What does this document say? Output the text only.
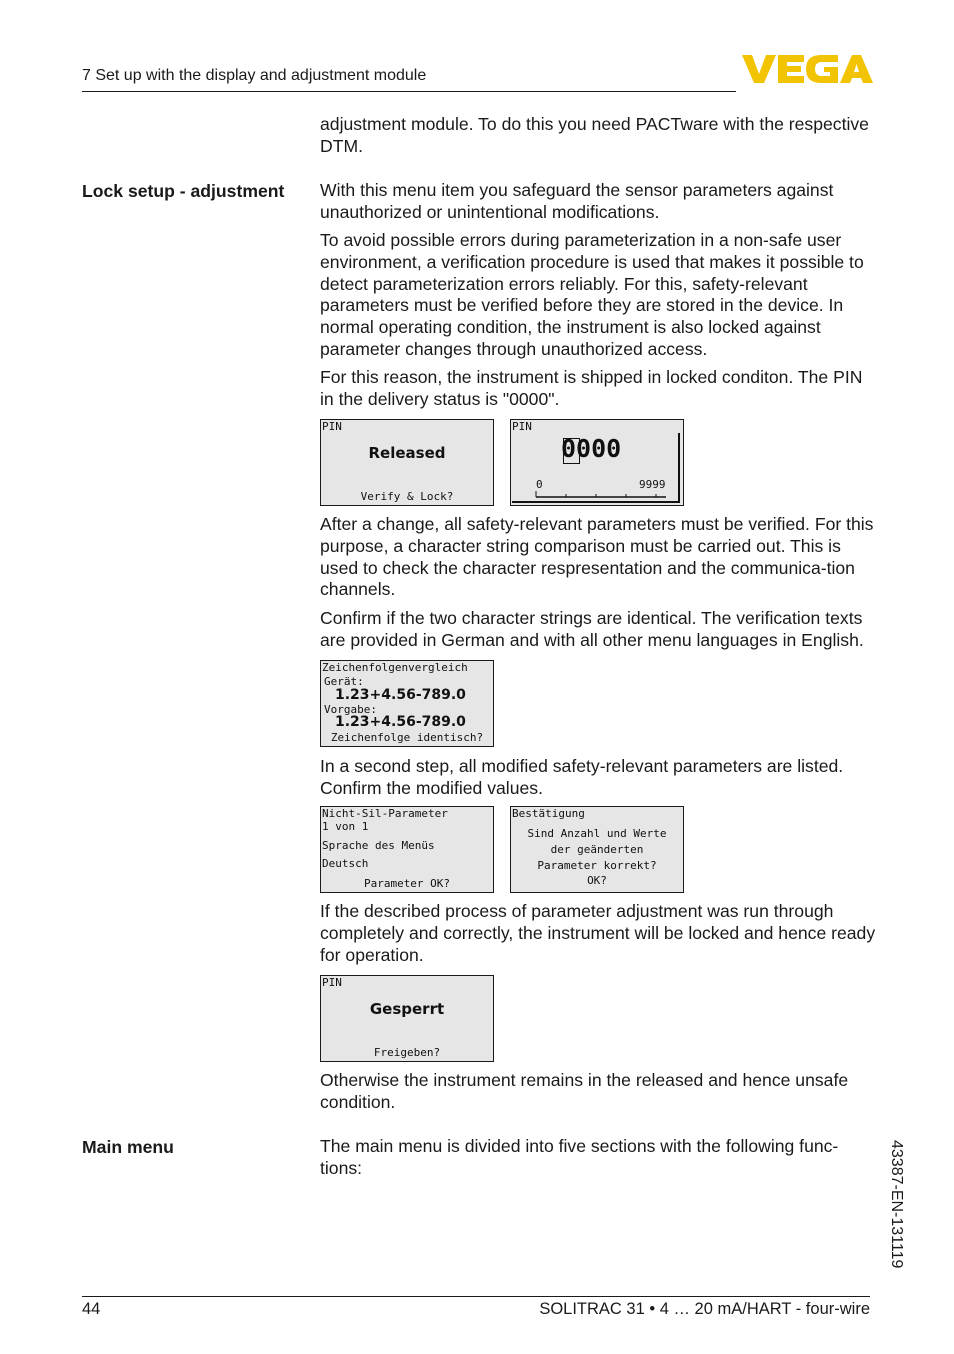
7 Set up with the display and adjustment module
VEGA

adjustment module. To do this you need PACTware with the respective DTM.

Lock setup - adjustment With this menu item you safeguard the sensor parameters against unauthorized or unintentional modifications.

To avoid possible errors during parameterization in a non-safe user environment, a verification procedure is used that makes it possible to detect parameterization errors reliably. For this, safety-relevant parameters must be verified before they are stored in the device. In normal operating condition, the instrument is also locked against parameter changes through unauthorized access.

For this reason, the instrument is shipped in locked conditon. The PIN in the delivery status is "0000".

PIN
Released
Verify & Lock?
PIN
0000
0	9999

After a change, all safety-relevant parameters must be verified. For this purpose, a character string comparison must be carried out. This is used to check the character respresentation and the communica-tion channels.

Confirm if the two character strings are identical. The verification texts are provided in German and with all other menu languages in English.

Zeichenfolgenvergleich
Gerät:
1.23+4.56-789.0
Vorgabe:
1.23+4.56-789.0
Zeichenfolge identisch?

In a second step, all modified safety-relevant parameters are listed. Confirm the modified values.

Nicht-Sil-Parameter
1 von 1
Sprache des Menüs
Deutsch
Parameter OK?
Bestätigung
Sind Anzahl und Werte
der geänderten
Parameter korrekt?
OK?

If the described process of parameter adjustment was run through completely and correctly, the instrument will be locked and hence ready for operation.

PIN
Gesperrt
Freigeben?

Otherwise the instrument remains in the released and hence unsafe condition.

Main menu	The main menu is divided into five sections with the following func-tions:	43387-EN-131119
44	SOLITRAC 31 • 4 … 20 mA/HART - four-wire
